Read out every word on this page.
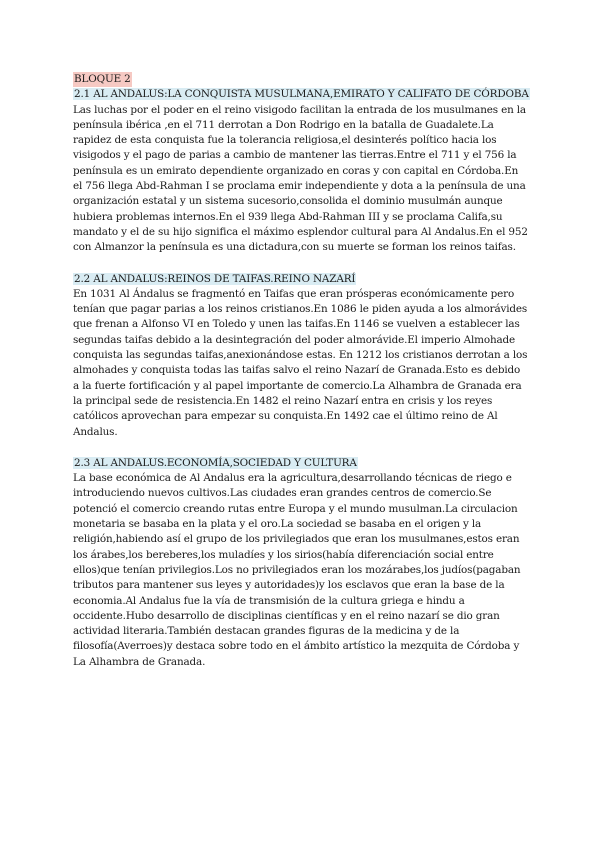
BLOQUE 2
2.1 AL ANDALUS:LA CONQUISTA MUSULMANA,EMIRATO Y CALIFATO DE CÓRDOBA

Las luchas por el poder en el reino visigodo facilitan la entrada de los musulmanes en la península ibérica ,en el 711 derrotan a Don Rodrigo en la batalla de Guadalete.La rapidez de esta conquista fue la tolerancia religiosa,el desinterés político hacia los visigodos y el pago de parias a cambio de mantener las tierras.Entre el 711 y el 756 la península es un emirato dependiente organizado en coras y con capital en Córdoba.En el 756 llega Abd-Rahman I se proclama emir independiente y dota a la península de una organización estatal y un sistema sucesorio,consolida el dominio musulmán aunque hubiera problemas internos.En el 939 llega Abd-Rahman III y se proclama Califa,su mandato y el de su hijo significa el máximo esplendor cultural para Al Andalus.En el 952 con Almanzor la península es una dictadura,con su muerte se forman los reinos taifas.

2.2 AL ANDALUS:REINOS DE TAIFAS.REINO NAZARÍ

En 1031 Al Ándalus se fragmentó en Taifas que eran prósperas económicamente pero tenían que pagar parias a los reinos cristianos.En 1086 le piden ayuda a los almorávides que frenan a Alfonso VI en Toledo y unen las taifas.En 1146 se vuelven a establecer las segundas taifas debido a la desintegración del poder almorávide.El imperio Almohade conquista las segundas taifas,anexionándose estas. En 1212 los cristianos derrotan a los almohades y conquista todas las taifas salvo el reino Nazarí de Granada.Esto es debido a la fuerte fortificación y al papel importante de comercio.La Alhambra de Granada era la principal sede de resistencia.En 1482 el reino Nazarí entra en crisis y los reyes católicos aprovechan para empezar su conquista.En 1492 cae el último reino de Al Andalus.

2.3 AL ANDALUS.ECONOMÍA,SOCIEDAD Y CULTURA

La base económica de Al Andalus era la agricultura,desarrollando técnicas de riego e introduciendo nuevos cultivos.Las ciudades eran grandes centros de comercio.Se potenció el comercio creando rutas entre Europa y el mundo musulman.La circulacion monetaria se basaba en la plata y el oro.La sociedad se basaba en el origen y la religión,habiendo así el grupo de los privilegiados que eran los musulmanes,estos eran los árabes,los bereberes,los muladíes y los sirios(había diferenciación social entre ellos)que tenían privilegios.Los no privilegiados eran los mozárabes,los judíos(pagaban tributos para mantener sus leyes y autoridades)y los esclavos que eran la base de la economia.Al Andalus fue la vía de transmisión de la cultura griega e hindu a occidente.Hubo desarrollo de disciplinas científicas y en el reino nazarí se dio gran actividad literaria.También destacan grandes figuras de la medicina y de la filosofía(Averroes)y destaca sobre todo en el ámbito artístico la mezquita de Córdoba y La Alhambra de Granada.
